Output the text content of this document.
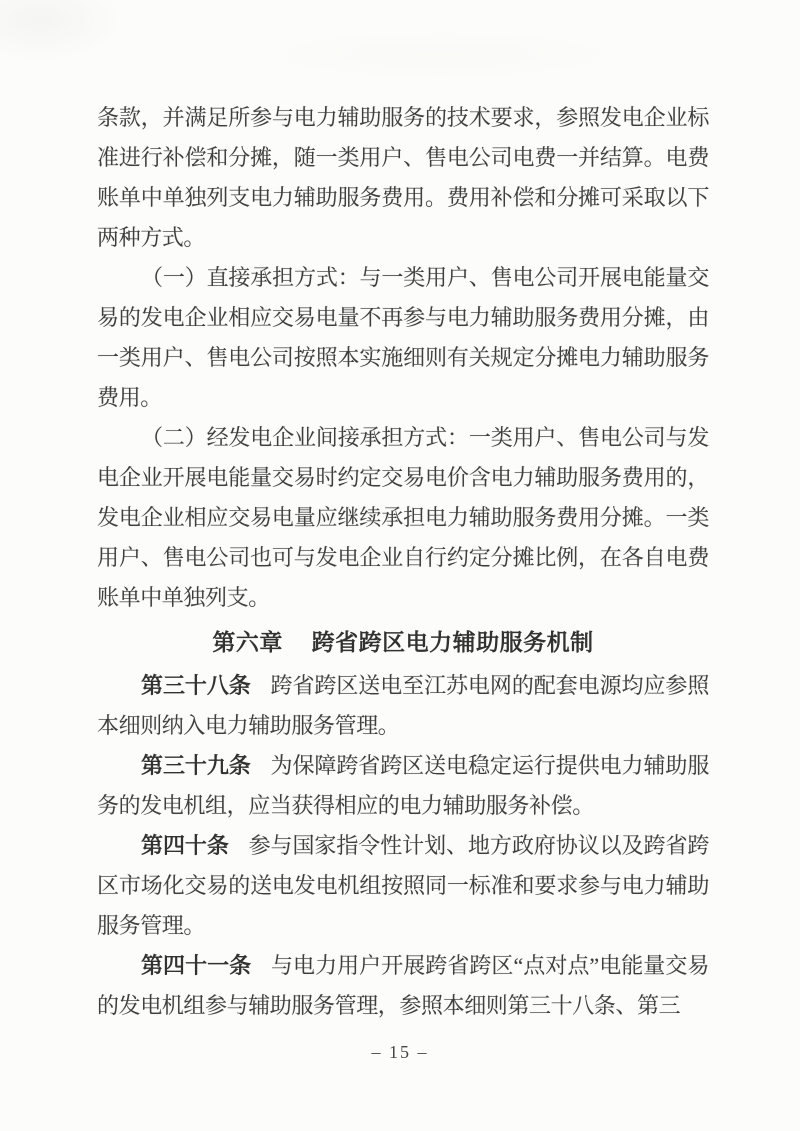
条款，并满足所参与电力辅助服务的技术要求，参照发电企业标准进行补偿和分摊，随一类用户、售电公司电费一并结算。电费账单中单独列支电力辅助服务费用。费用补偿和分摊可采取以下两种方式。

（一）直接承担方式：与一类用户、售电公司开展电能量交易的发电企业相应交易电量不再参与电力辅助服务费用分摊，由一类用户、售电公司按照本实施细则有关规定分摊电力辅助服务费用。

（二）经发电企业间接承担方式：一类用户、售电公司与发电企业开展电能量交易时约定交易电价含电力辅助服务费用的，发电企业相应交易电量应继续承担电力辅助服务费用分摊。一类用户、售电公司也可与发电企业自行约定分摊比例，在各自电费账单中单独列支。

第六章 跨省跨区电力辅助服务机制

第三十八条 跨省跨区送电至江苏电网的配套电源均应参照本细则纳入电力辅助服务管理。

第三十九条 为保障跨省跨区送电稳定运行提供电力辅助服务的发电机组，应当获得相应的电力辅助服务补偿。

第四十条 参与国家指令性计划、地方政府协议以及跨省跨区市场化交易的送电发电机组按照同一标准和要求参与电力辅助服务管理。

第四十一条 与电力用户开展跨省跨区“点对点”电能量交易的发电机组参与辅助服务管理，参照本细则第三十八条、第三

– 15 –
